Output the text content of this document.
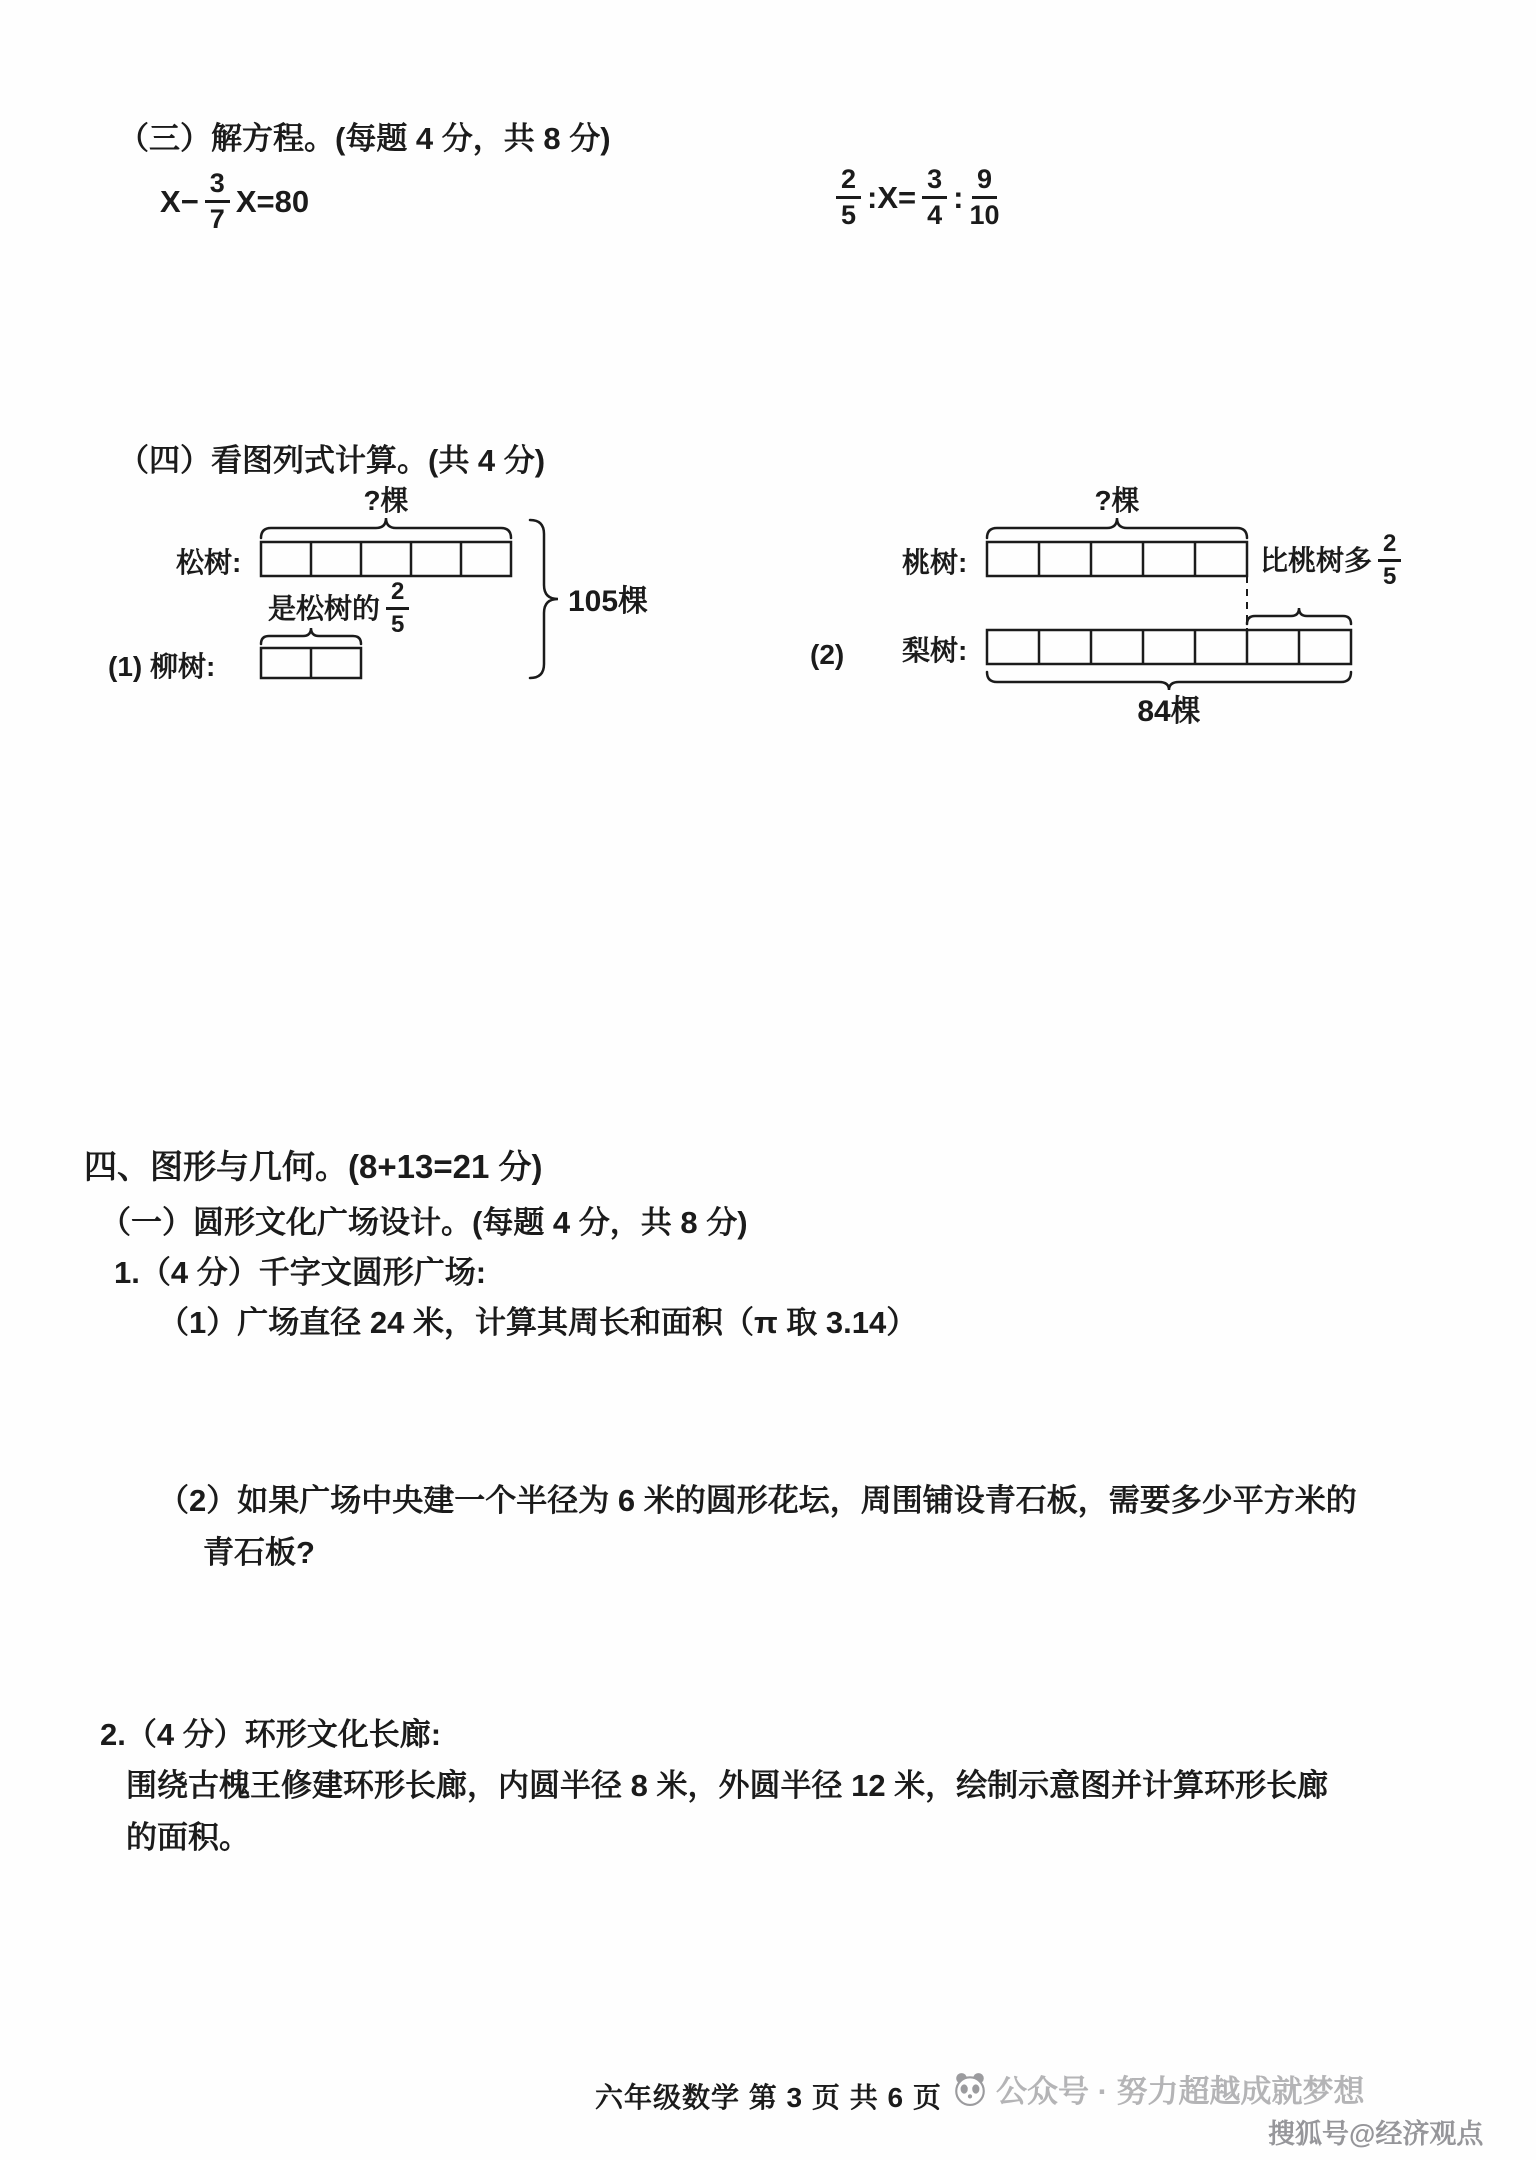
（三）解方程。(每题 4 分，共 8 分)
$X- \frac{3}{7} X=80$	$\frac{2}{5}$ :X= $\frac{3}{4}$ : $\frac{9}{10}$
（四）看图列式计算。(共 4 分)
?棵
松树:
是松树的 $\frac{2}{5}$
(1) 柳树:
105棵
?棵
桃树:	比桃树多 $\frac{2}{5}$
梨树:
(2)
84棵
四、图形与几何。(8+13=21 分)
（一）圆形文化广场设计。(每题 4 分，共 8 分)
1.（4 分）千字文圆形广场:
（1）广场直径 24 米，计算其周长和面积（π 取 3.14）
（2）如果广场中央建一个半径为 6 米的圆形花坛，周围铺设青石板，需要多少平方米的
青石板?
2.（4 分）环形文化长廊:
围绕古槐王修建环形长廊，内圆半径 8 米，外圆半径 12 米，绘制示意图并计算环形长廊
的面积。
六年级数学 第 3 页 共 6 页 公众号 · 努力超越成就梦想
搜狐号@经济观点
